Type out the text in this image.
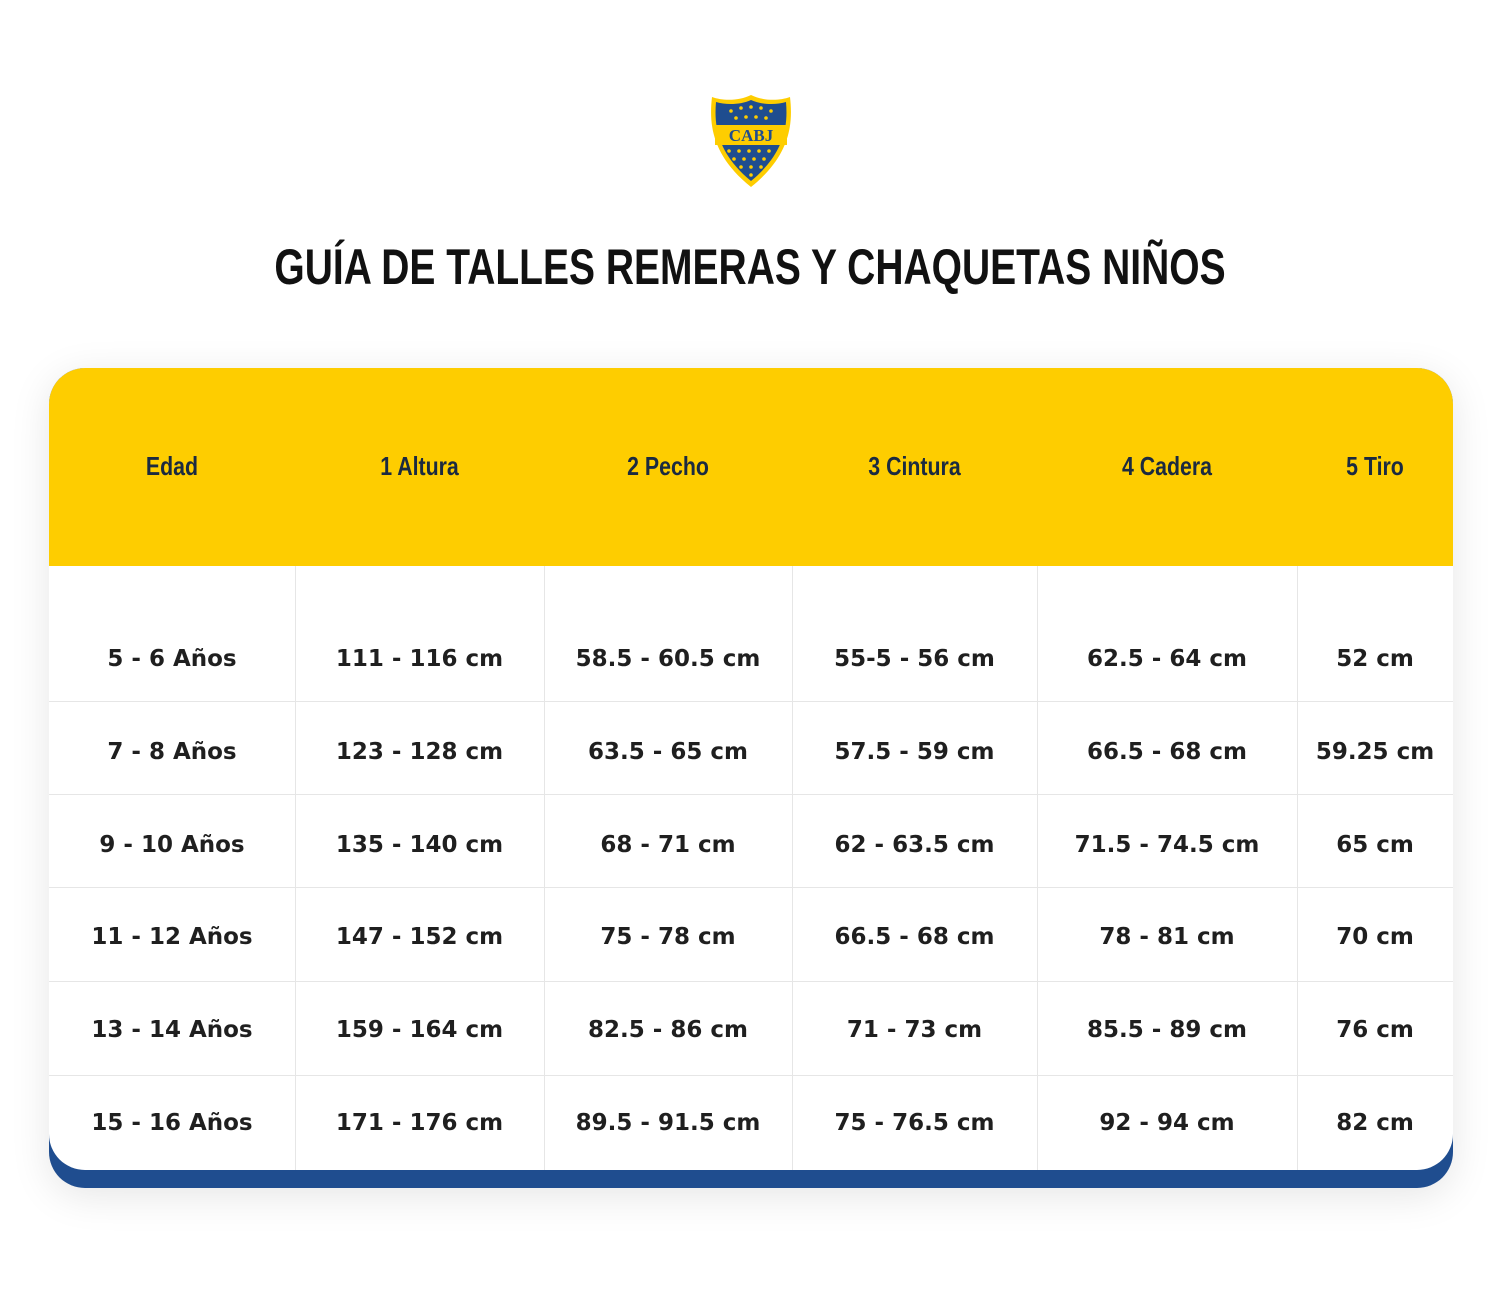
CABJ
GUÍA DE TALLES REMERAS Y CHAQUETAS NIÑOS
Edad	1 Altura	2 Pecho	3 Cintura	4 Cadera	5 Tiro
5 - 6 Años	111 - 116 cm	58.5 - 60.5 cm	55-5 - 56 cm	62.5 - 64 cm	52 cm
7 - 8 Años	123 - 128 cm	63.5 - 65 cm	57.5 - 59 cm	66.5 - 68 cm	59.25 cm
9 - 10 Años	135 - 140 cm	68 - 71 cm	62 - 63.5 cm	71.5 - 74.5 cm	65 cm
11 - 12 Años	147 - 152 cm	75 - 78 cm	66.5 - 68 cm	78 - 81 cm	70 cm
13 - 14 Años	159 - 164 cm	82.5 - 86 cm	71 - 73 cm	85.5 - 89 cm	76 cm
15 - 16 Años	171 - 176 cm	89.5 - 91.5 cm	75 - 76.5 cm	92 - 94 cm	82 cm
